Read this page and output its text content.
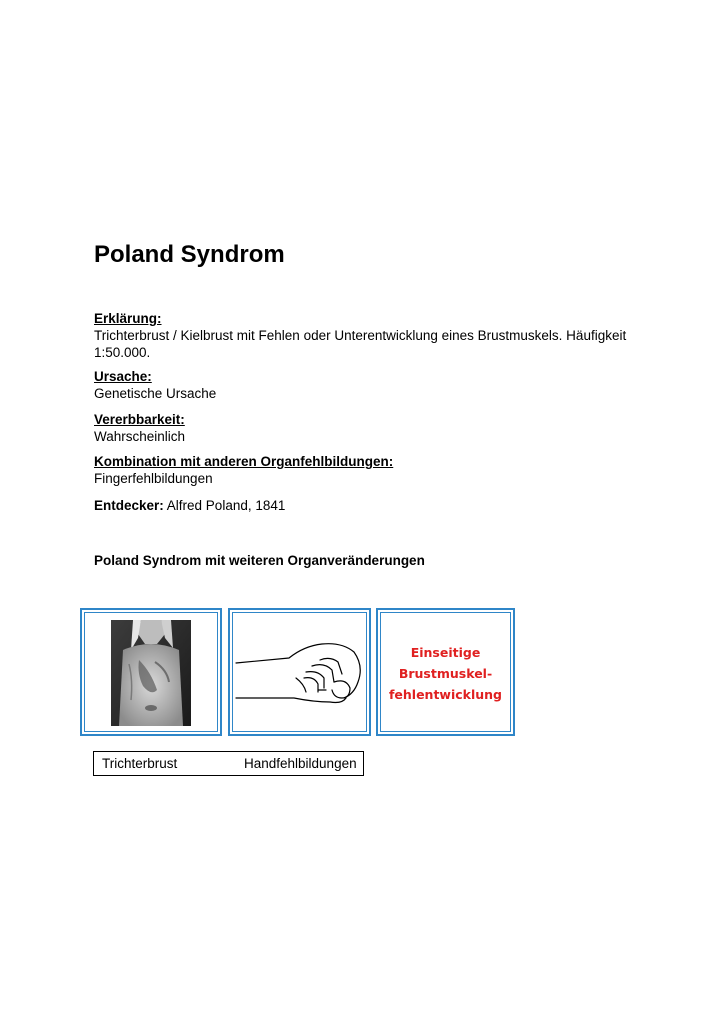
Poland Syndrom
Erklärung:
Trichterbrust / Kielbrust mit Fehlen oder Unterentwicklung eines Brustmuskels. Häufigkeit 1:50.000.
Ursache:
Genetische Ursache
Vererbbarkeit:
Wahrscheinlich
Kombination mit anderen Organfehlbildungen:
Fingerfehlbildungen
Entdecker: Alfred Poland, 1841
Poland Syndrom mit weiteren Organveränderungen
Einseitige
Brustmuskel-
fehlentwicklung
Trichterbrust	Handfehlbildungen
